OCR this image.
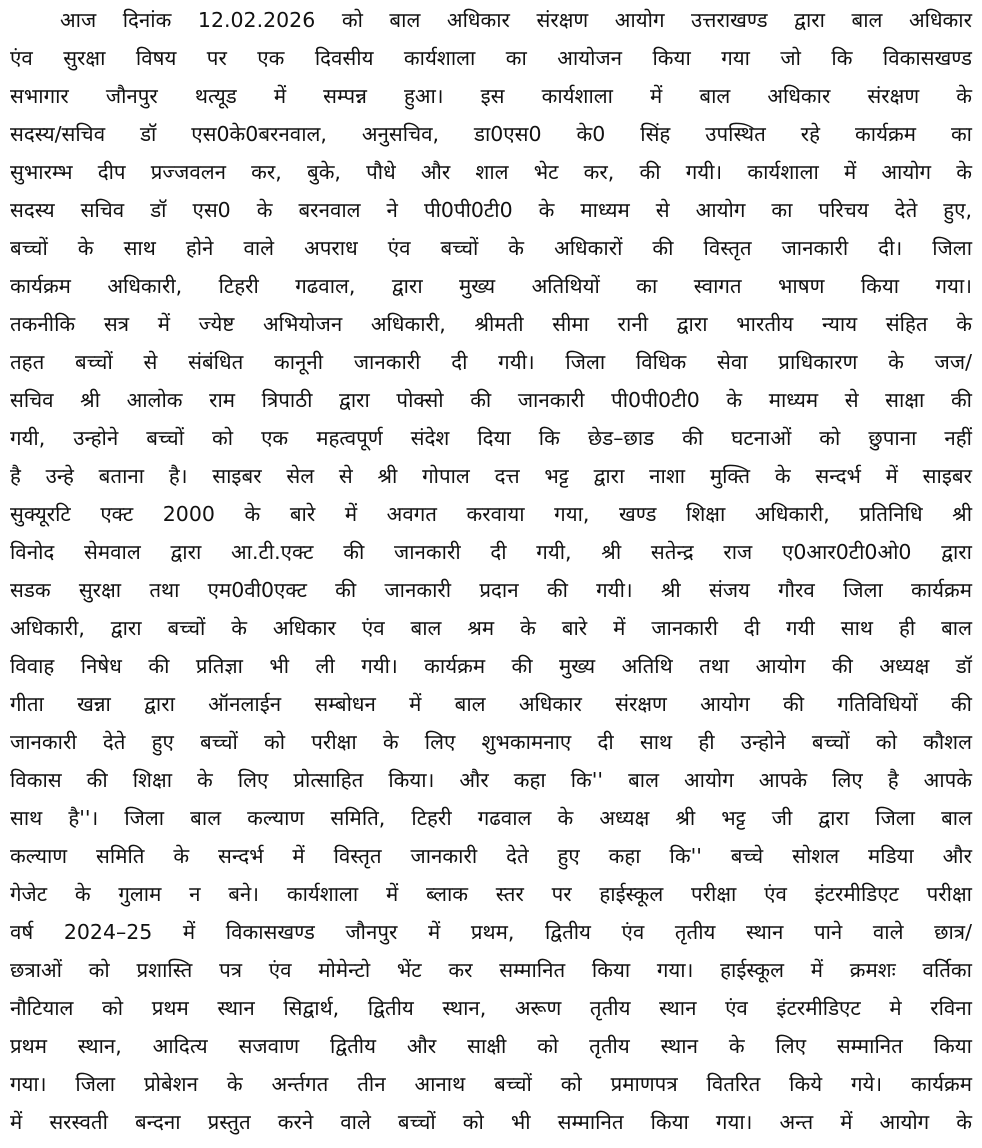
आज दिनांक 12.02.2026 को बाल अधिकार संरक्षण आयोग उत्तराखण्ड द्वारा बाल अधिकार
एंव सुरक्षा विषय पर एक दिवसीय कार्यशाला का आयोजन किया गया जो कि विकासखण्ड
सभागार जौनपुर थत्यूड में सम्पन्न हुआ। इस कार्यशाला में बाल अधिकार संरक्षण के
सदस्य/सचिव डॉ एस0के0बरनवाल, अनुसचिव, डा0एस0 के0 सिंह उपस्थित रहे कार्यक्रम का
सुभारम्भ दीप प्रज्जवलन कर, बुके, पौधे और शाल भेट कर, की गयी। कार्यशाला में आयोग के
सदस्य सचिव डॉ एस0 के बरनवाल ने पी0पी0टी0 के माध्यम से आयोग का परिचय देते हुए,
बच्चों के साथ होने वाले अपराध एंव बच्चों के अधिकारों की विस्तृत जानकारी दी। जिला
कार्यक्रम अधिकारी, टिहरी गढवाल, द्वारा मुख्य अतिथियों का स्वागत भाषण किया गया।
तकनीकि सत्र में ज्येष्ट अभियोजन अधिकारी, श्रीमती सीमा रानी द्वारा भारतीय न्याय संहित के
तहत बच्चों से संबंधित कानूनी जानकारी दी गयी। जिला विधिक सेवा प्राधिकारण के जज/
सचिव श्री आलोक राम त्रिपाठी द्वारा पोक्सो की जानकारी पी0पी0टी0 के माध्यम से साक्षा की
गयी, उन्होने बच्चों को एक महत्वपूर्ण संदेश दिया कि छेड–छाड की घटनाओं को छुपाना नहीं
है उन्हे बताना है। साइबर सेल से श्री गोपाल दत्त भट्ट द्वारा नाशा मुक्ति के सन्दर्भ में साइबर
सुक्यूरटि एक्ट 2000 के बारे में अवगत करवाया गया, खण्ड शिक्षा अधिकारी, प्रतिनिधि श्री
विनोद सेमवाल द्वारा आ.टी.एक्ट की जानकारी दी गयी, श्री सतेन्द्र राज ए0आर0टी0ओ0 द्वारा
सडक सुरक्षा तथा एम0वी0एक्ट की जानकारी प्रदान की गयी। श्री संजय गौरव जिला कार्यक्रम
अधिकारी, द्वारा बच्चों के अधिकार एंव बाल श्रम के बारे में जानकारी दी गयी साथ ही बाल
विवाह निषेध की प्रतिज्ञा भी ली गयी। कार्यक्रम की मुख्य अतिथि तथा आयोग की अध्यक्ष डॉ
गीता खन्ना द्वारा ऑनलाईन सम्बोधन में बाल अधिकार संरक्षण आयोग की गतिविधियों की
जानकारी देते हुए बच्चों को परीक्षा के लिए शुभकामनाए दी साथ ही उन्होने बच्चों को कौशल
विकास की शिक्षा के लिए प्रोत्साहित किया। और कहा कि'' बाल आयोग आपके लिए है आपके
साथ है''। जिला बाल कल्याण समिति, टिहरी गढवाल के अध्यक्ष श्री भट्ट जी द्वारा जिला बाल
कल्याण समिति के सन्दर्भ में विस्तृत जानकारी देते हुए कहा कि'' बच्चे सोशल मडिया और
गेजेट के गुलाम न बने। कार्यशाला में ब्लाक स्तर पर हाईस्कूल परीक्षा एंव इंटरमीडिएट परीक्षा
वर्ष 2024–25 में विकासखण्ड जौनपुर में प्रथम, द्वितीय एंव तृतीय स्थान पाने वाले छात्र/
छत्राओं को प्रशास्ति पत्र एंव मोमेन्टो भेंट कर सम्मानित किया गया। हाईस्कूल में क्रमशः वर्तिका
नौटियाल को प्रथम स्थान सिद्वार्थ, द्वितीय स्थान, अरूण तृतीय स्थान एंव इंटरमीडिएट मे रविना
प्रथम स्थान, आदित्य सजवाण द्वितीय और साक्षी को तृतीय स्थान के लिए सम्मानित किया
गया। जिला प्रोबेशन के अर्न्तगत तीन आनाथ बच्चों को प्रमाणपत्र वितरित किये गये। कार्यक्रम
में सरस्वती बन्दना प्रस्तुत करने वाले बच्चों को भी सम्मानित किया गया। अन्त में आयोग के
